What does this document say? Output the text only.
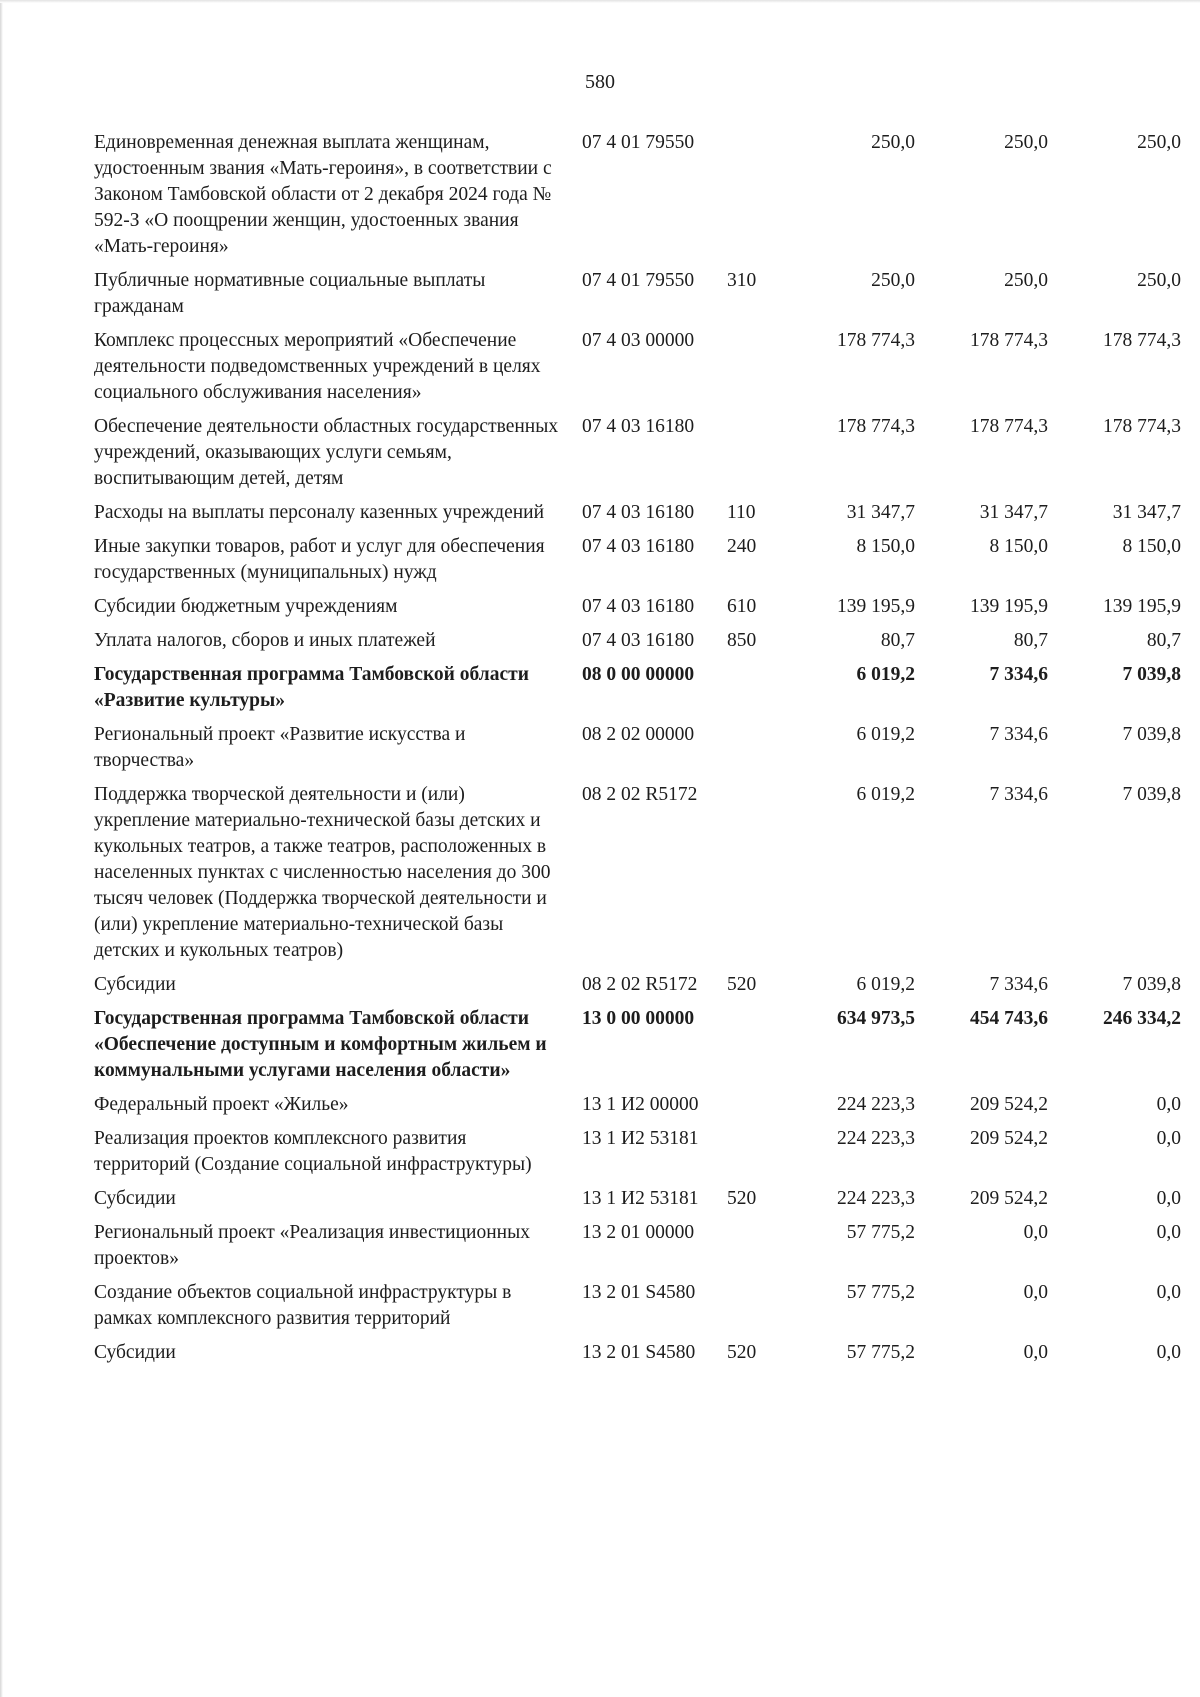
580
Единовременная денежная выплата женщинам, удостоенным звания «Мать-героиня», в соответствии с Законом Тамбовской области от 2 декабря 2024 года № 592-З «О поощрении женщин, удостоенных звания «Мать-героиня»	07 4 01 79550		250,0	250,0	250,0
Публичные нормативные социальные выплаты гражданам	07 4 01 79550	310	250,0	250,0	250,0
Комплекс процессных мероприятий «Обеспечение деятельности подведомственных учреждений в целях социального обслуживания населения»	07 4 03 00000		178 774,3	178 774,3	178 774,3
Обеспечение деятельности областных государственных учреждений, оказывающих услуги семьям, воспитывающим детей, детям	07 4 03 16180		178 774,3	178 774,3	178 774,3
Расходы на выплаты персоналу казенных учреждений	07 4 03 16180	110	31 347,7	31 347,7	31 347,7
Иные закупки товаров, работ и услуг для обеспечения государственных (муниципальных) нужд	07 4 03 16180	240	8 150,0	8 150,0	8 150,0
Субсидии бюджетным учреждениям	07 4 03 16180	610	139 195,9	139 195,9	139 195,9
Уплата налогов, сборов и иных платежей	07 4 03 16180	850	80,7	80,7	80,7
Государственная программа Тамбовской области «Развитие культуры»	08 0 00 00000		6 019,2	7 334,6	7 039,8
Региональный проект «Развитие искусства и творчества»	08 2 02 00000		6 019,2	7 334,6	7 039,8
Поддержка творческой деятельности и (или) укрепление материально-технической базы детских и кукольных театров, а также театров, расположенных в населенных пунктах с численностью населения до 300 тысяч человек (Поддержка творческой деятельности и (или) укрепление материально-технической базы детских и кукольных театров)	08 2 02 R5172		6 019,2	7 334,6	7 039,8
Субсидии	08 2 02 R5172	520	6 019,2	7 334,6	7 039,8
Государственная программа Тамбовской области «Обеспечение доступным и комфортным жильем и коммунальными услугами населения области»	13 0 00 00000		634 973,5	454 743,6	246 334,2
Федеральный проект «Жилье»	13 1 И2 00000		224 223,3	209 524,2	0,0
Реализация проектов комплексного развития территорий (Создание социальной инфраструктуры)	13 1 И2 53181		224 223,3	209 524,2	0,0
Субсидии	13 1 И2 53181	520	224 223,3	209 524,2	0,0
Региональный проект «Реализация инвестиционных проектов»	13 2 01 00000		57 775,2	0,0	0,0
Создание объектов социальной инфраструктуры в рамках комплексного развития территорий	13 2 01 S4580		57 775,2	0,0	0,0
Субсидии	13 2 01 S4580	520	57 775,2	0,0	0,0
